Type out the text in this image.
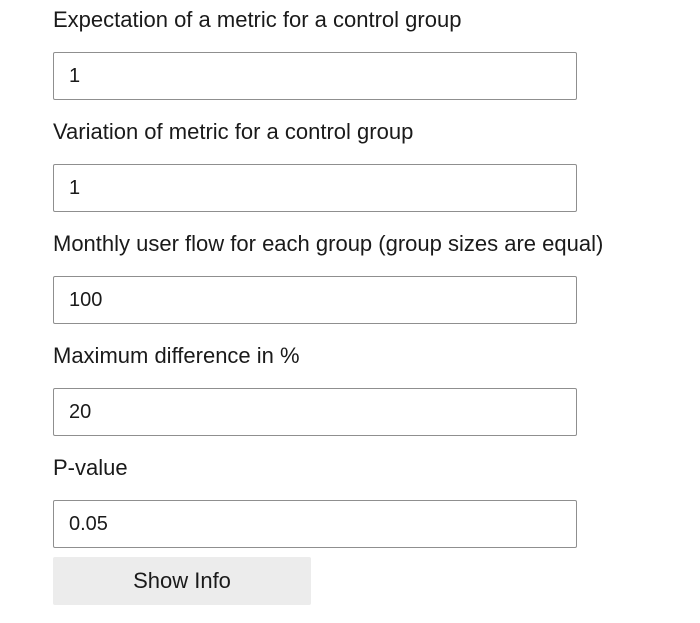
Expectation of a metric for a control group
1
Variation of metric for a control group
1
Monthly user flow for each group (group sizes are equal)
100
Maximum difference in %
20
P-value
0.05
Show Info
